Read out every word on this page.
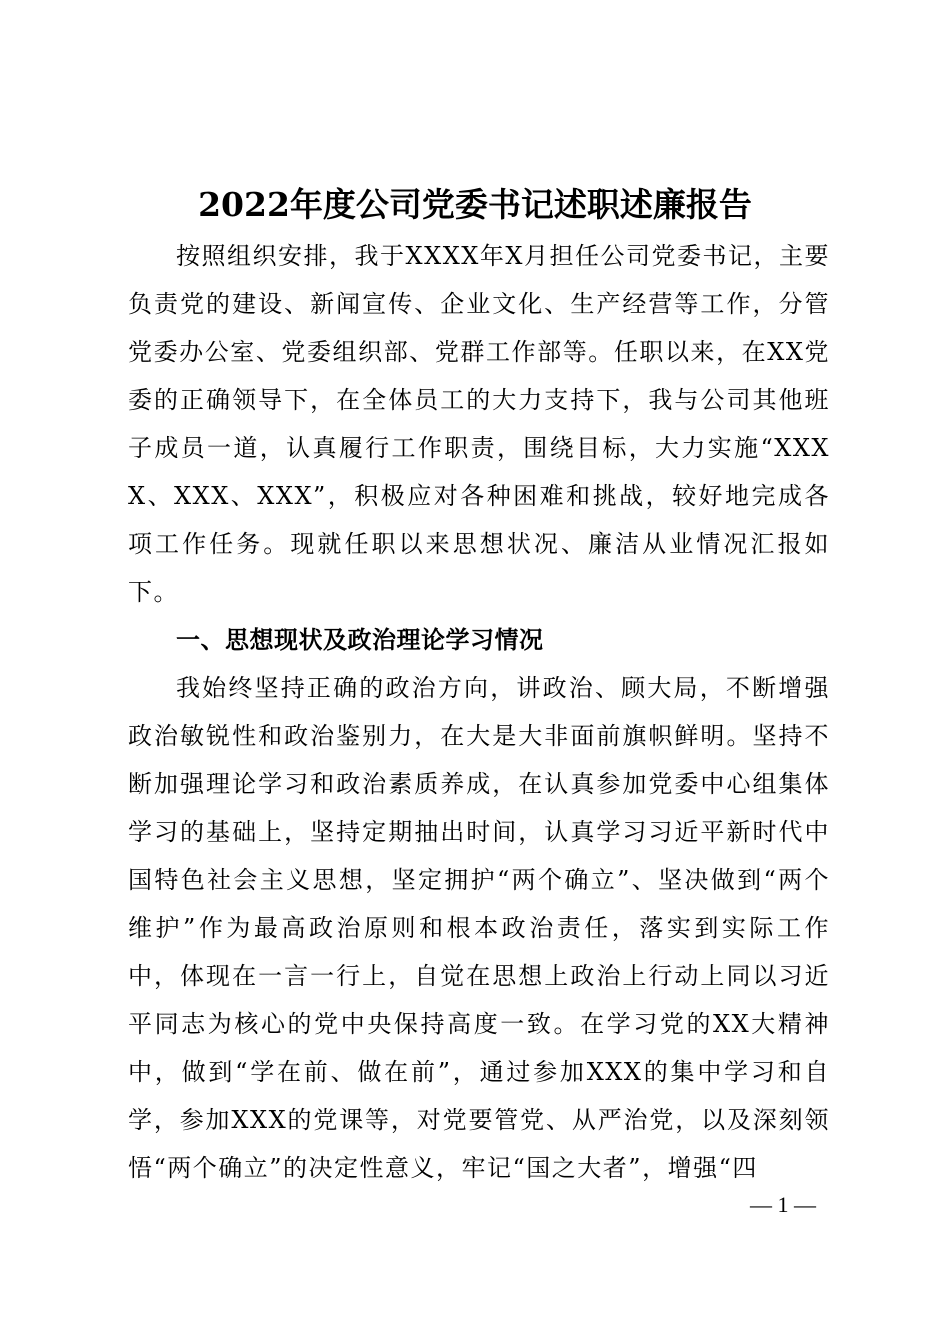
2022年度公司党委书记述职述廉报告

按照组织安排，我于XXXX年X月担任公司党委书记，主要负责党的建设、新闻宣传、企业文化、生产经营等工作，分管党委办公室、党委组织部、党群工作部等。任职以来，在XX党委的正确领导下，在全体员工的大力支持下，我与公司其他班子成员一道，认真履行工作职责，围绕目标，大力实施“XXXX、XXX、XXX”，积极应对各种困难和挑战，较好地完成各项工作任务。现就任职以来思想状况、廉洁从业情况汇报如下。

一、思想现状及政治理论学习情况

我始终坚持正确的政治方向，讲政治、顾大局，不断增强政治敏锐性和政治鉴别力，在大是大非面前旗帜鲜明。坚持不断加强理论学习和政治素质养成，在认真参加党委中心组集体学习的基础上，坚持定期抽出时间，认真学习习近平新时代中国特色社会主义思想，坚定拥护“两个确立”、坚决做到“两个维护”作为最高政治原则和根本政治责任，落实到实际工作中，体现在一言一行上，自觉在思想上政治上行动上同以习近平同志为核心的党中央保持高度一致。在学习党的XX大精神中，做到“学在前、做在前”，通过参加XXX的集中学习和自学，参加XXX的党课等，对党要管党、从严治党，以及深刻领悟“两个确立”的决定性意义，牢记“国之大者”，增强“四

— 1 —
